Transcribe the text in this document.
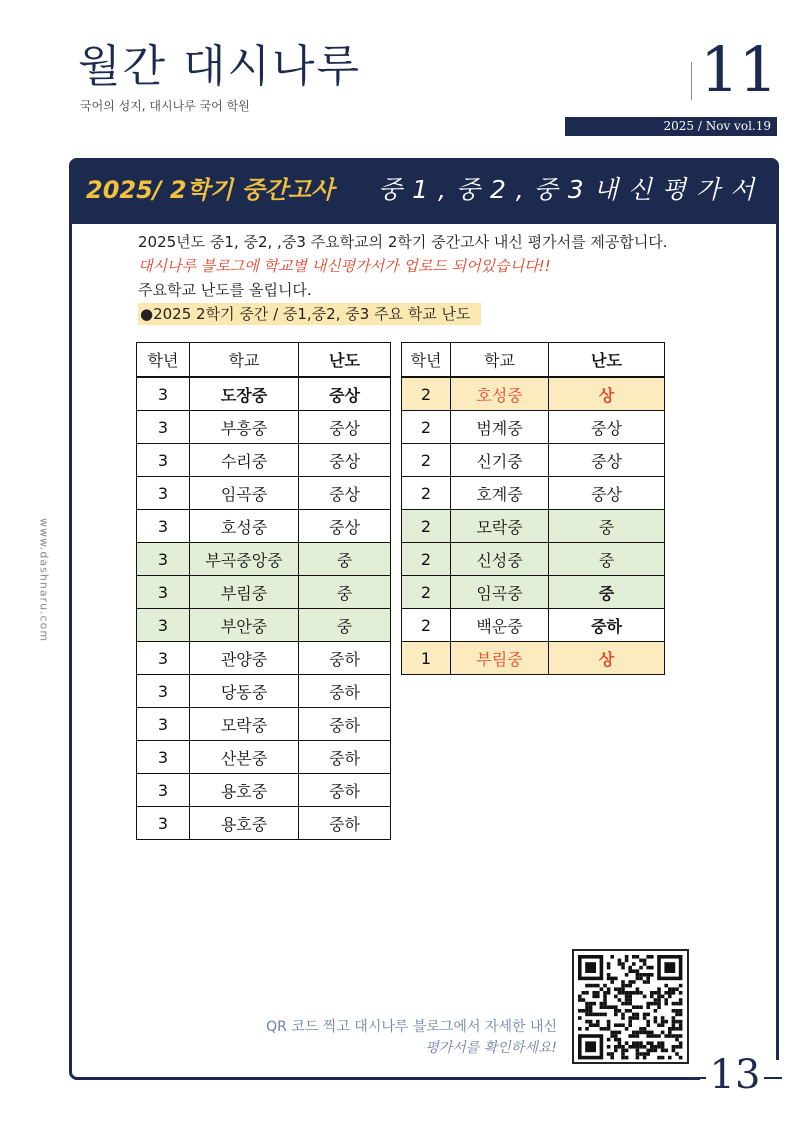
월간 대시나루
국어의 성지, 대시나루 국어 학원	11
2025 / Nov vol.19
www.dashnaru.com
2025/ 2학기 중간고사 중 1 , 중 2 , 중 3 내 신 평 가 서
2025년도 중1, 중2, ,중3 주요학교의 2학기 중간고사 내신 평가서를 제공합니다.
대시나루 블로그에 학교별 내신평가서가 업로드 되어있습니다!!
주요학교 난도를 올립니다.
●2025 2학기 중간 / 중1,중2, 중3 주요 학교 난도
학년	학교	난도
3	도장중	중상
3	부흥중	중상
3	수리중	중상
3	임곡중	중상
3	호성중	중상
3	부곡중앙중	중
3	부림중	중
3	부안중	중
3	관양중	중하
3	당동중	중하
3	모락중	중하
3	산본중	중하
3	용호중	중하
3	용호중	중하
학년	학교	난도
2	호성중	상
2	범계중	중상
2	신기중	중상
2	호계중	중상
2	모락중	중
2	신성중	중
2	임곡중	중
2	백운중	중하
1	부림중	상
QR 코드 찍고 대시나루 블로그에서 자세한 내신
평가서를 확인하세요!
13
